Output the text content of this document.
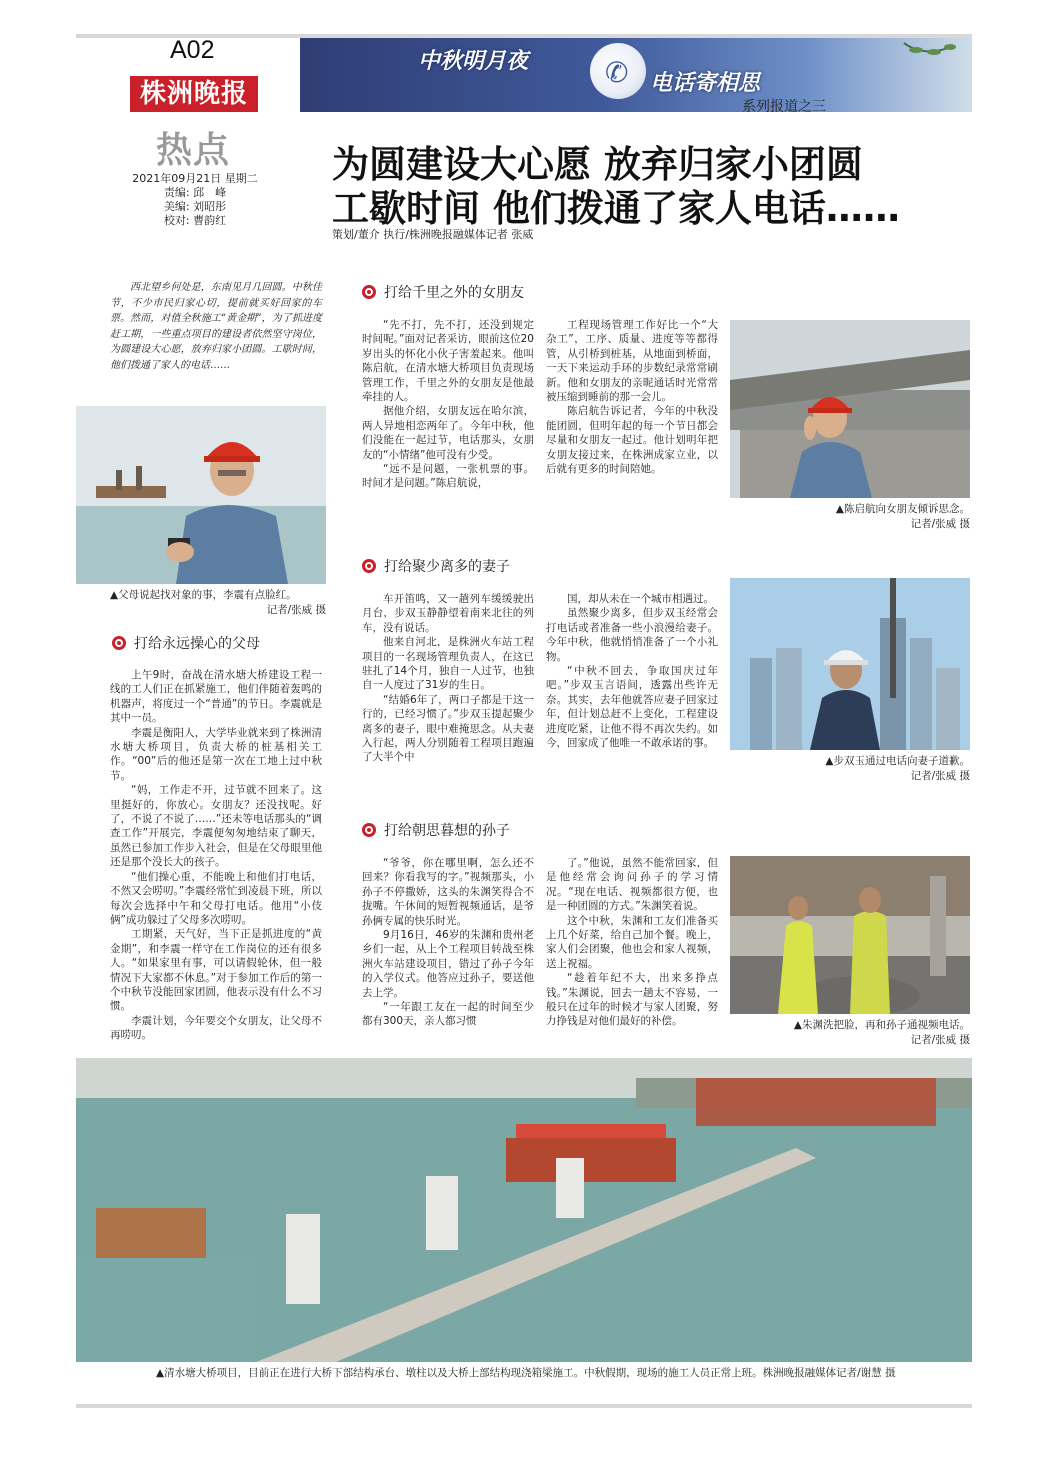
A02
株洲晚报
热点
2021年09月21日 星期二
责编: 邱　峰
美编: 刘昭彤
校对: 曹韵红
✆
中秋明月夜
电话寄相思
系列报道之三
为圆建设大心愿 放弃归家小团圆
工歇时间 他们拨通了家人电话……
策划/董介 执行/株洲晚报融媒体记者 张威
西北望乡何处是，东南见月几回圆。中秋佳节，不少市民归家心切，提前就买好回家的车票。然而，对值全秋施工“黄金期”，为了抓进度赶工期，一些重点项目的建设者依然坚守岗位，为圆建设大心愿，放弃归家小团圆。工歇时间，他们拨通了家人的电话……
▲父母说起找对象的事，李震有点脸红。
记者/张威 摄
打给永远操心的父母

上午9时，奋战在清水塘大桥建设工程一线的工人们正在抓紧施工，他们伴随着轰鸣的机器声，将度过一个“普通”的节日。李震就是其中一员。

李震是衡阳人，大学毕业就来到了株洲清水塘大桥项目，负责大桥的桩基相关工作。“00”后的他还是第一次在工地上过中秋节。

“妈，工作走不开，过节就不回来了。这里挺好的，你放心。女朋友？还没找呢。好了，不说了不说了……”还未等电话那头的“调查工作”开展完，李震便匆匆地结束了聊天，虽然已参加工作步入社会，但是在父母眼里他还是那个没长大的孩子。

“他们操心重，不能晚上和他们打电话，不然又会唠叨。”李震经常忙到凌晨下班，所以每次会选择中午和父母打电话。他用“小伎俩”成功躲过了父母多次唠叨。

工期紧，天气好，当下正是抓进度的“黄金期”，和李震一样守在工作岗位的还有很多人。“如果家里有事，可以请假轮休，但一般情况下大家都不休息。”对于参加工作后的第一个中秋节没能回家团圆，他表示没有什么不习惯。

李震计划，今年要交个女朋友，让父母不再唠叨。

打给千里之外的女朋友

“先不打，先不打，还没到规定时间呢。”面对记者采访，眼前这位20岁出头的怀化小伙子害羞起来。他叫陈启航，在清水塘大桥项目负责现场管理工作，千里之外的女朋友是他最牵挂的人。

据他介绍，女朋友远在哈尔滨，两人异地相恋两年了。今年中秋，他们没能在一起过节，电话那头，女朋友的“小情绪”他可没有少受。

“远不是问题，一张机票的事。时间才是问题。”陈启航说，

工程现场管理工作好比一个“大杂工”，工序、质量、进度等等都得管，从引桥到桩基，从地面到桥面，一天下来运动手环的步数纪录常常刷新。他和女朋友的亲昵通话时光常常被压缩到睡前的那一会儿。

陈启航告诉记者，今年的中秋没能团圆，但明年起的每一个节日都会尽量和女朋友一起过。他计划明年把女朋友接过来，在株洲成家立业，以后就有更多的时间陪她。

▲陈启航向女朋友倾诉思念。
记者/张威 摄
打给聚少离多的妻子

车开笛鸣，又一趟列车缓缓驶出月台，步双玉静静望着南来北往的列车，没有说话。

他来自河北，是株洲火车站工程项目的一名现场管理负责人，在这已驻扎了14个月，独自一人过节，也独自一人度过了31岁的生日。

“结婚6年了，两口子都是干这一行的，已经习惯了。”步双玉提起聚少离多的妻子，眼中难掩思念。从夫妻入行起，两人分别随着工程项目跑遍了大半个中

国，却从未在一个城市相遇过。

虽然聚少离多，但步双玉经常会打电话或者准备一些小浪漫给妻子。今年中秋，他就悄悄准备了一个小礼物。

“中秋不回去，争取国庆过年吧。”步双玉言语间，透露出些许无奈。其实，去年他就答应妻子回家过年，但计划总赶不上变化，工程建设进度吃紧，让他不得不再次失约。如今，回家成了他唯一不敢承诺的事。

▲步双玉通过电话向妻子道歉。
记者/张威 摄
打给朝思暮想的孙子

“爷爷，你在哪里啊，怎么还不回来？你看我写的字。”视频那头，小孙子不停撒娇，这头的朱渊笑得合不拢嘴。午休间的短暂视频通话，是爷孙俩专属的快乐时光。

9月16日，46岁的朱渊和贵州老乡们一起，从上个工程项目转战至株洲火车站建设项目，错过了孙子今年的入学仪式。他答应过孙子，要送他去上学。

“一年跟工友在一起的时间至少都有300天，亲人都习惯

了。”他说，虽然不能常回家，但是他经常会询问孙子的学习情况。“现在电话、视频都很方便，也是一种团圆的方式。”朱渊笑着说。

这个中秋，朱渊和工友们准备买上几个好菜，给自己加个餐。晚上，家人们会团聚，他也会和家人视频，送上祝福。

“趁着年纪不大，出来多挣点钱。”朱渊说，回去一趟太不容易，一般只在过年的时候才与家人团聚，努力挣钱是对他们最好的补偿。	▲朱渊洗把脸，再和孙子通视频电话。
记者/张威 摄
▲清水塘大桥项目，目前正在进行大桥下部结构承台、墩柱以及大桥上部结构现浇箱梁施工。中秋假期，现场的施工人员正常上班。株洲晚报融媒体记者/谢慧 摄
